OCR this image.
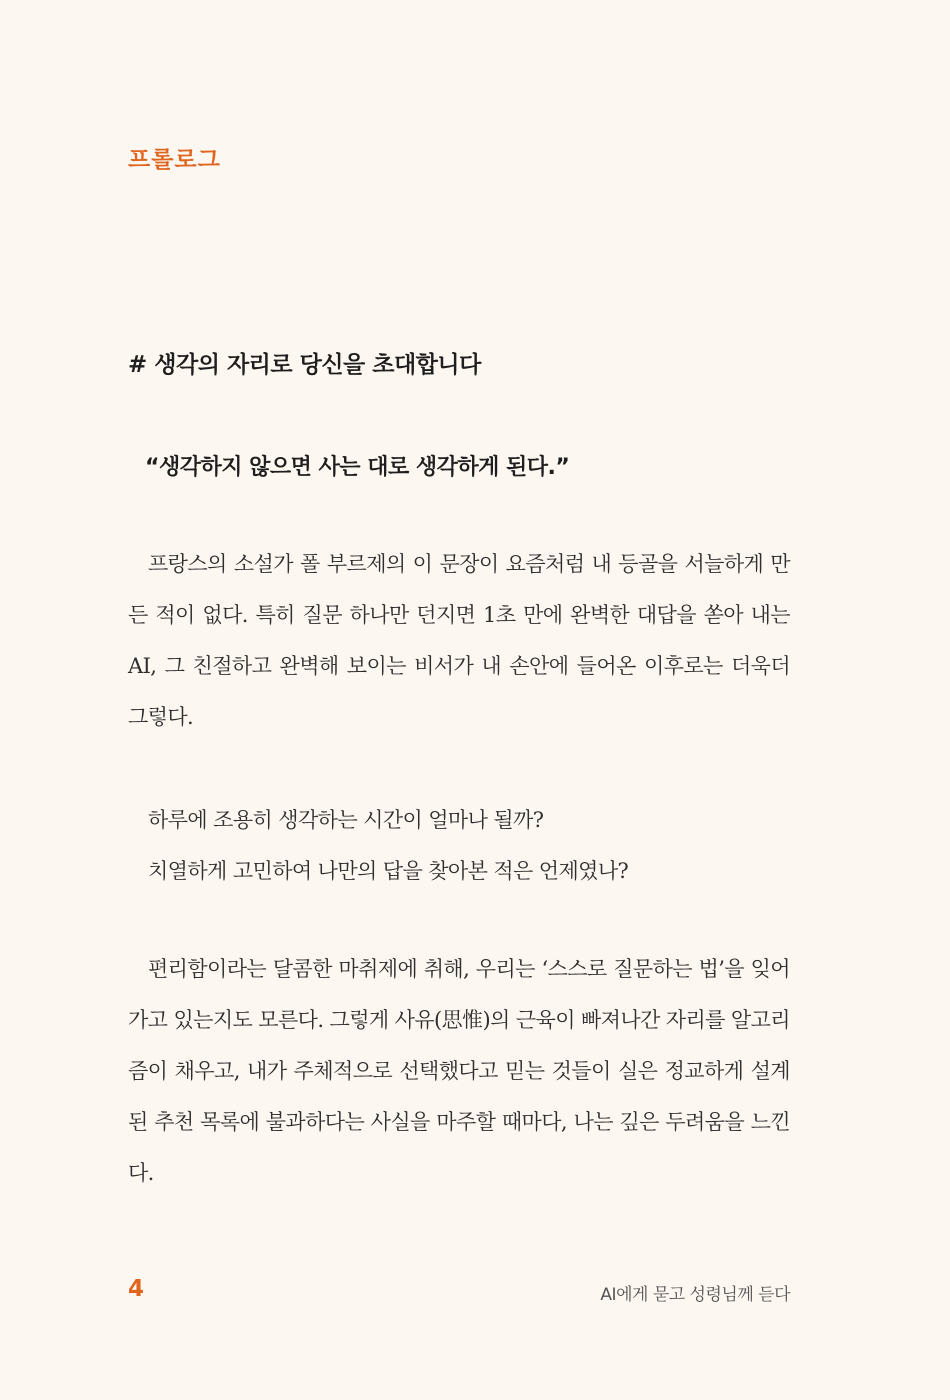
프롤로그
# 생각의 자리로 당신을 초대합니다
“생각하지 않으면 사는 대로 생각하게 된다.”

프랑스의 소설가 폴 부르제의 이 문장이 요즘처럼 내 등골을 서늘하게 만든 적이 없다. 특히 질문 하나만 던지면 1초 만에 완벽한 대답을 쏟아 내는 AI, 그 친절하고 완벽해 보이는 비서가 내 손안에 들어온 이후로는 더욱더 그렇다.

하루에 조용히 생각하는 시간이 얼마나 될까?
치열하게 고민하여 나만의 답을 찾아본 적은 언제였나?

편리함이라는 달콤한 마취제에 취해, 우리는 ‘스스로 질문하는 법’을 잊어 가고 있는지도 모른다. 그렇게 사유(思惟)의 근육이 빠져나간 자리를 알고리즘이 채우고, 내가 주체적으로 선택했다고 믿는 것들이 실은 정교하게 설계된 추천 목록에 불과하다는 사실을 마주할 때마다, 나는 깊은 두려움을 느낀다.

4	AI에게 묻고 성령님께 듣다
